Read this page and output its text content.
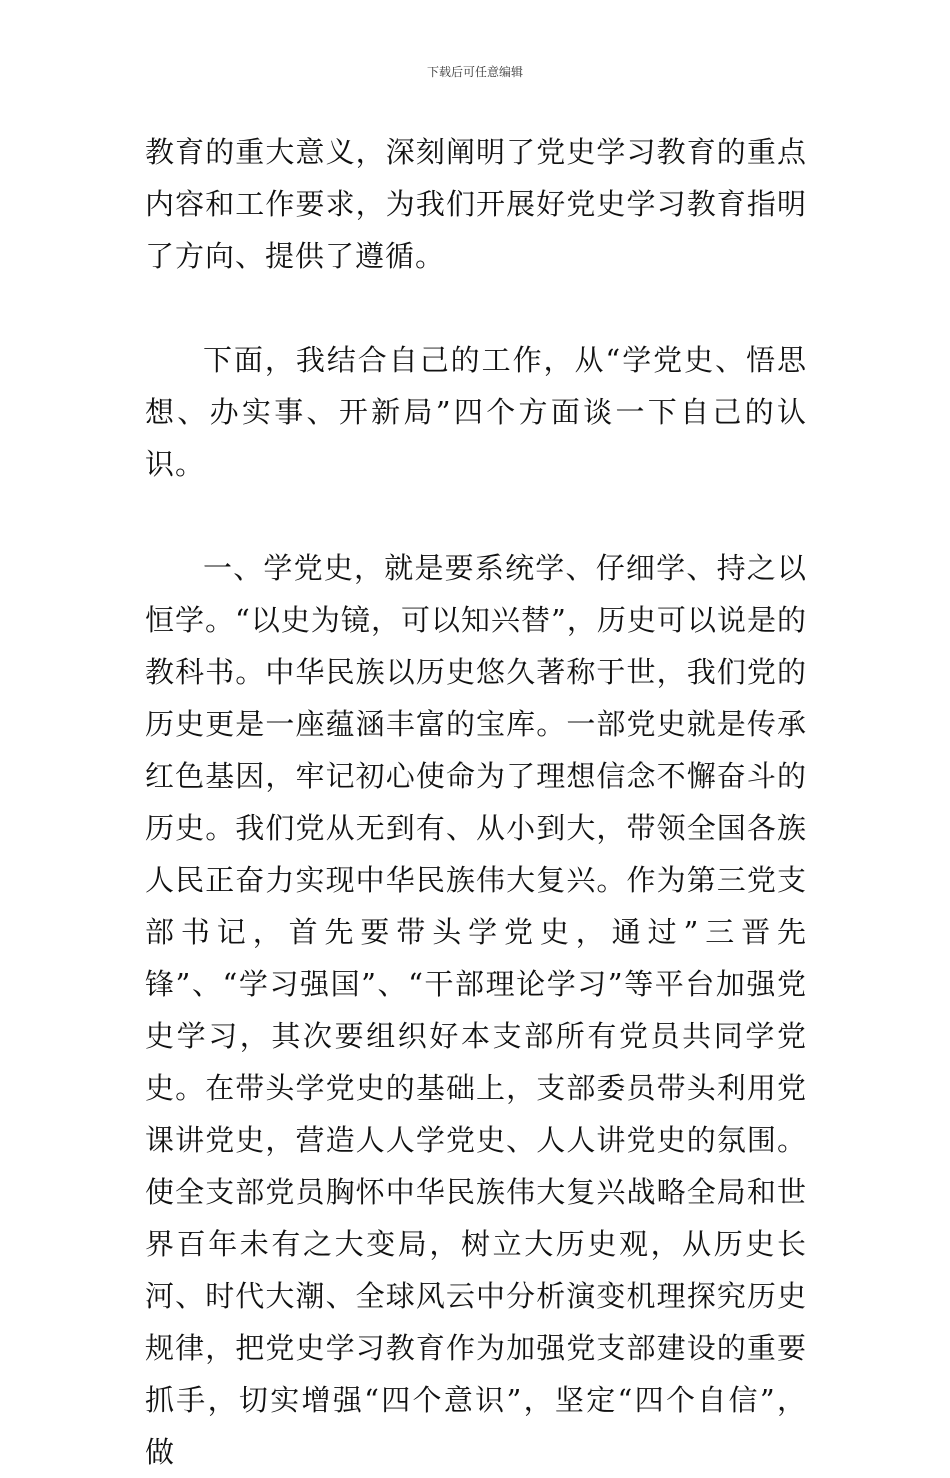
下载后可任意编辑

教育的重大意义，深刻阐明了党史学习教育的重点内容和工作要求，为我们开展好党史学习教育指明了方向、提供了遵循。

下面，我结合自己的工作，从“学党史、悟思想、办实事、开新局”四个方面谈一下自己的认识。

一、学党史，就是要系统学、仔细学、持之以恒学。“以史为镜，可以知兴替”，历史可以说是的教科书。中华民族以历史悠久著称于世，我们党的历史更是一座蕴涵丰富的宝库。一部党史就是传承红色基因，牢记初心使命为了理想信念不懈奋斗的历史。我们党从无到有、从小到大，带领全国各族人民正奋力实现中华民族伟大复兴。作为第三党支部书记，首先要带头学党史，通过”三晋先锋”、“学习强国”、“干部理论学习”等平台加强党史学习，其次要组织好本支部所有党员共同学党史。在带头学党史的基础上，支部委员带头利用党课讲党史，营造人人学党史、人人讲党史的氛围。使全支部党员胸怀中华民族伟大复兴战略全局和世界百年未有之大变局，树立大历史观，从历史长河、时代大潮、全球风云中分析演变机理探究历史规律，把党史学习教育作为加强党支部建设的重要抓手，切实增强“四个意识”，坚定“四个自信”，做
